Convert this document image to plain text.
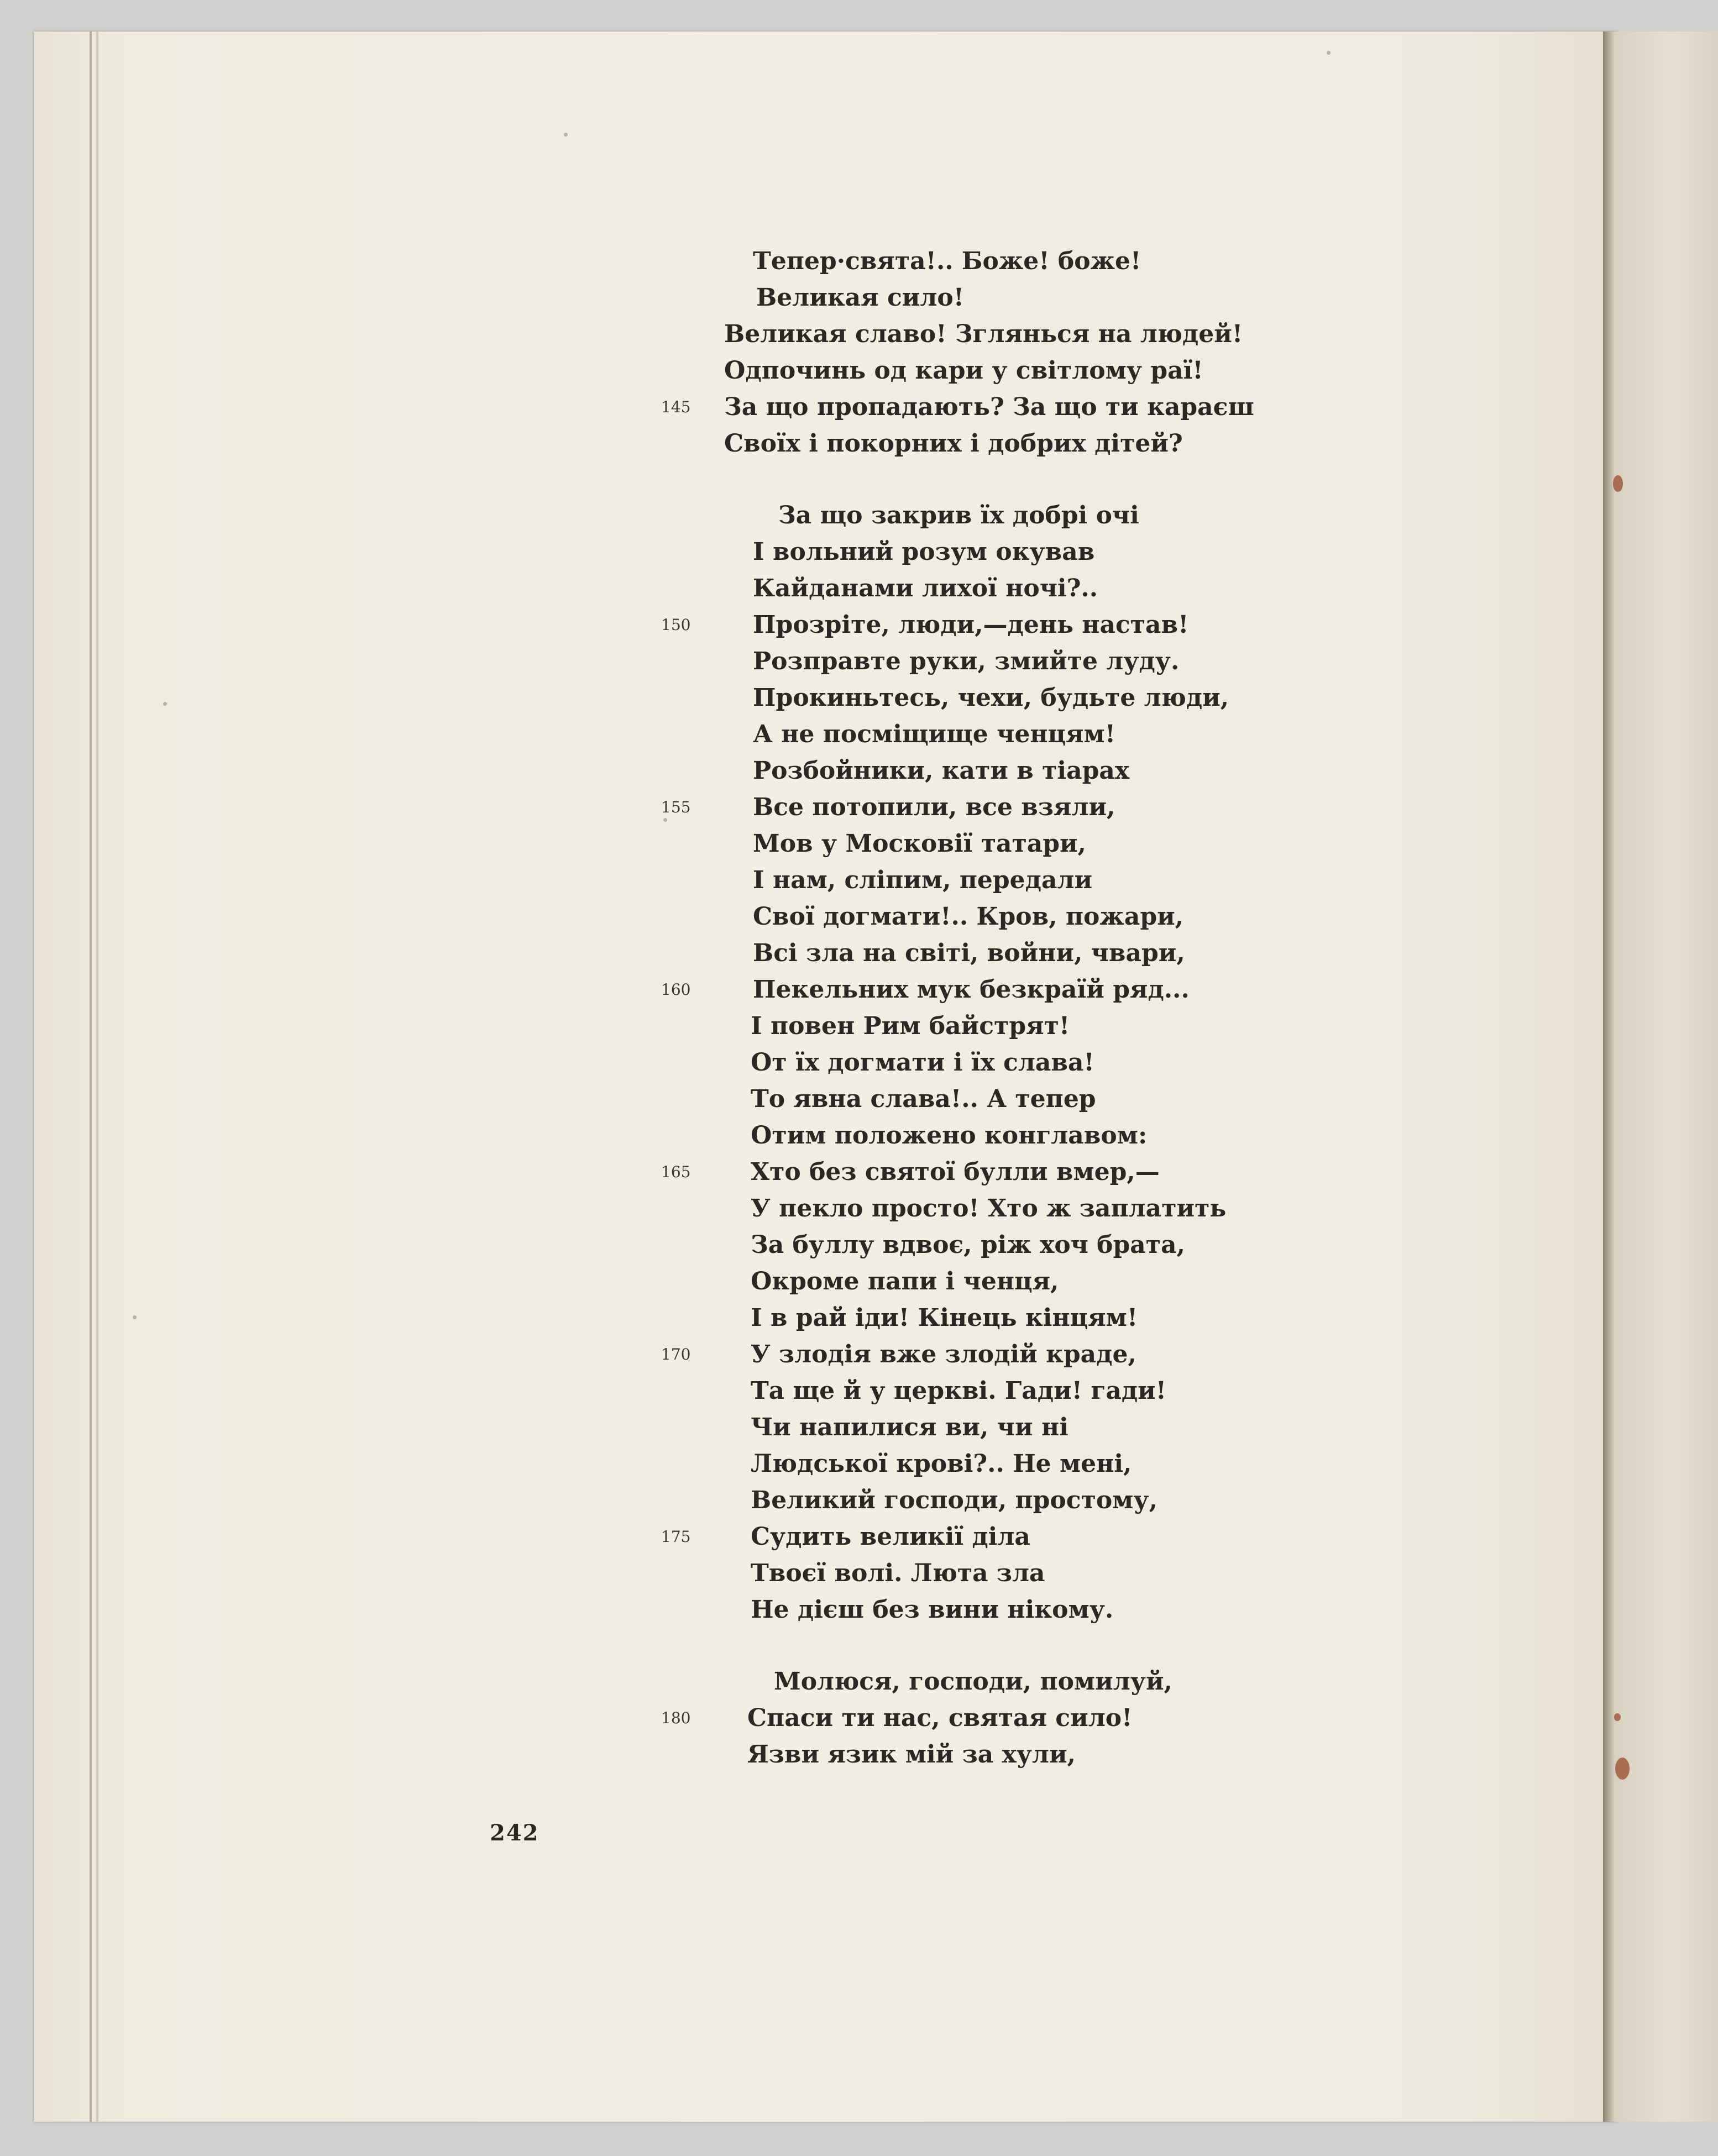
Тепер·свята!.. Боже! боже!
Великая сило!
Великая славо! Зглянься на людей!
Одпочинь од кари у світлому раї!
За що пропадають? За що ти караєш
Своїх і покорних і добрих дітей?
За що закрив їх добрі очі
І вольний розум окував
Кайданами лихої ночі?..
Прозріте, люди,—день настав!
Розправте руки, змийте луду.
Прокиньтесь, чехи, будьте люди,
А не посміщище ченцям!
Розбойники, кати в тіарах
Все потопили, все взяли,
Мов у Московії татари,
І нам, сліпим, передали
Свої догмати!.. Кров, пожари,
Всі зла на світі, войни, чвари,
Пекельних мук безкраїй ряд...
І повен Рим байстрят!
От їх догмати і їх слава!
То явна слава!.. А тепер
Отим положено конглавом:
Хто без святої булли вмер,—
У пекло просто! Хто ж заплатить
За буллу вдвоє, ріж хоч брата,
Окроме папи і ченця,
І в рай іди! Кінець кінцям!
У злодія вже злодій краде,
Та ще й у церкві. Гади! гади!
Чи напилися ви, чи ні
Людської крові?.. Не мені,
Великий господи, простому,
Судить великії діла
Твоєї волі. Люта зла
Не дієш без вини нікому.
Молюся, господи, помилуй,
Спаси ти нас, святая сило!
Язви язик мій за хули,
145
150
155
160
165
170
175
180
242
